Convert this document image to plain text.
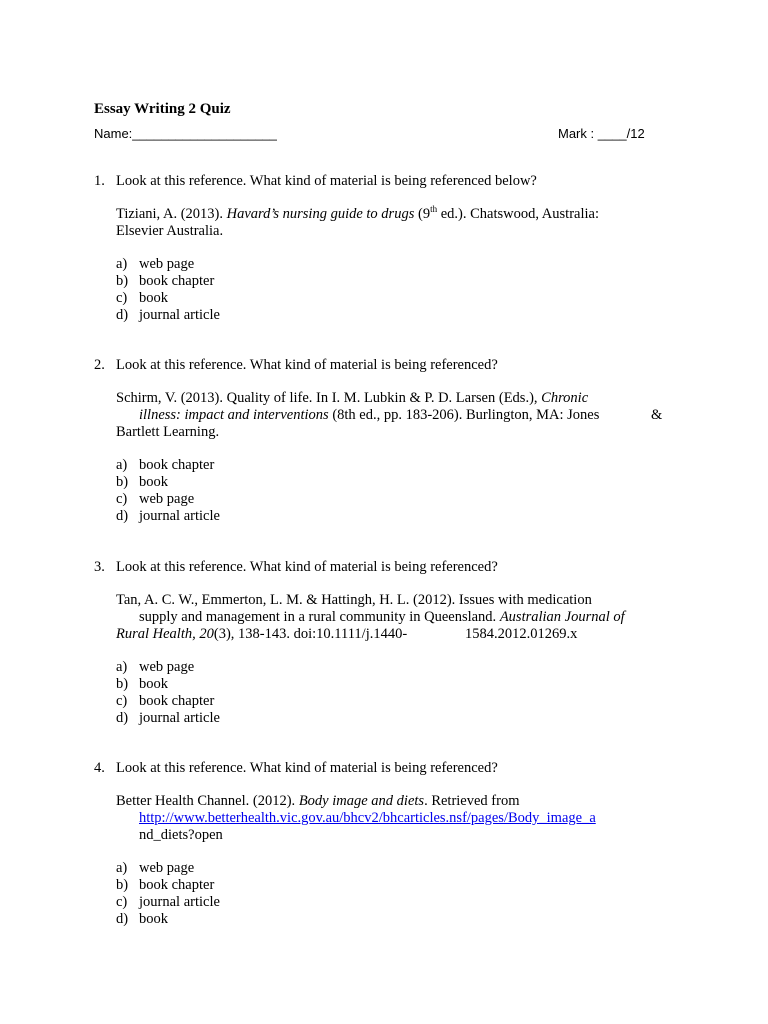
Essay Writing 2 Quiz
Name:____________________	Mark : ____/12
1. Look at this reference. What kind of material is being referenced below?
Tiziani, A. (2013). Havard’s nursing guide to drugs (9th ed.). Chatswood, Australia:
Elsevier Australia.
a) web page
b) book chapter
c) book
d) journal article
2. Look at this reference. What kind of material is being referenced?
Schirm, V. (2013). Quality of life. In I. M. Lubkin & P. D. Larsen (Eds.), Chronic
illness: impact and interventions (8th ed., pp. 183-206). Burlington, MA: Jones	&
Bartlett Learning.
a) book chapter
b) book
c) web page
d) journal article
3. Look at this reference. What kind of material is being referenced?
Tan, A. C. W., Emmerton, L. M. & Hattingh, H. L. (2012). Issues with medication
supply and management in a rural community in Queensland. Australian Journal of
Rural Health, 20(3), 138-143. doi:10.1111/j.1440-	1584.2012.01269.x
a) web page
b) book
c) book chapter
d) journal article
4. Look at this reference. What kind of material is being referenced?
Better Health Channel. (2012). Body image and diets. Retrieved from
http://www.betterhealth.vic.gov.au/bhcv2/bhcarticles.nsf/pages/Body_image_a
nd_diets?open
a) web page
b) book chapter
c) journal article
d) book
